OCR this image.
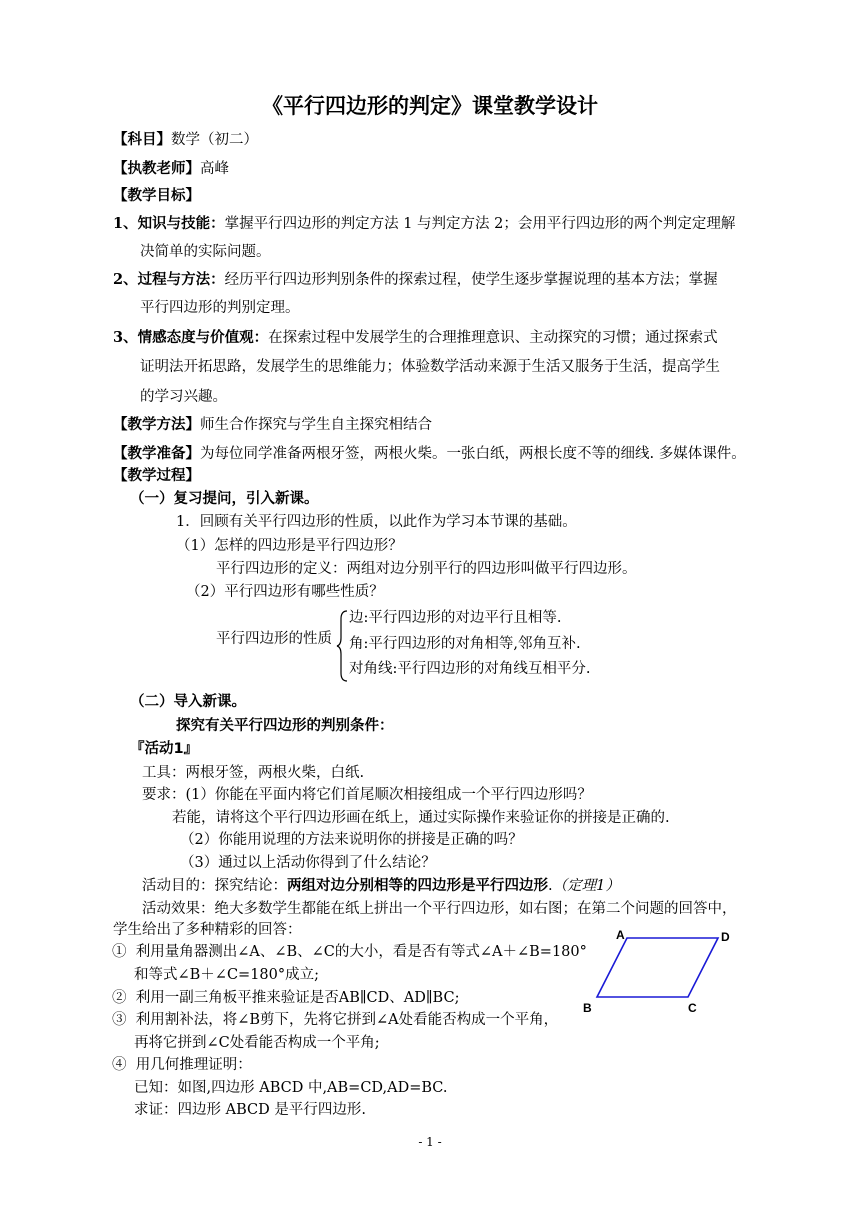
《平行四边形的判定》课堂教学设计
【科目】数学（初二）
【执教老师】高峰
【教学目标】
1、知识与技能：掌握平行四边形的判定方法 1 与判定方法 2；会用平行四边形的两个判定定理解
决简单的实际问题。
2、过程与方法：经历平行四边形判别条件的探索过程，使学生逐步掌握说理的基本方法；掌握
平行四边形的判别定理。
3、情感态度与价值观：在探索过程中发展学生的合理推理意识、主动探究的习惯；通过探索式
证明法开拓思路，发展学生的思维能力；体验数学活动来源于生活又服务于生活，提高学生
的学习兴趣。
【教学方法】师生合作探究与学生自主探究相结合
【教学准备】为每位同学准备两根牙签，两根火柴。一张白纸，两根长度不等的细线. 多媒体课件。
【教学过程】
（一）复习提问，引入新课。
1．回顾有关平行四边形的性质，以此作为学习本节课的基础。
（1）怎样的四边形是平行四边形？
平行四边形的定义：两组对边分别平行的四边形叫做平行四边形。
（2）平行四边形有哪些性质？
平行四边形的性质
边:平行四边形的对边平行且相等.
角:平行四边形的对角相等,邻角互补.
对角线:平行四边形的对角线互相平分.
（二）导入新课。
探究有关平行四边形的判别条件：
『活动1』
工具：两根牙签，两根火柴，白纸.
要求：(1）你能在平面内将它们首尾顺次相接组成一个平行四边形吗？
若能，请将这个平行四边形画在纸上，通过实际操作来验证你的拼接是正确的.
（2）你能用说理的方法来说明你的拼接是正确的吗？
（3）通过以上活动你得到了什么结论？
活动目的：探究结论：两组对边分别相等的四边形是平行四边形.（定理1）
活动效果：绝大多数学生都能在纸上拼出一个平行四边形，如右图；在第二个问题的回答中，
学生给出了多种精彩的回答：
① 利用量角器测出∠A、∠B、∠C的大小，看是否有等式∠A＋∠B=180°
和等式∠B＋∠C=180°成立;
② 利用一副三角板平推来验证是否AB∥CD、AD∥BC;
③ 利用割补法，将∠B剪下，先将它拼到∠A处看能否构成一个平角，
再将它拼到∠C处看能否构成一个平角;
④ 用几何推理证明：
已知：如图,四边形 ABCD 中,AB=CD,AD=BC.
求证：四边形 ABCD 是平行四边形.
A	D
B	C
- 1 -
